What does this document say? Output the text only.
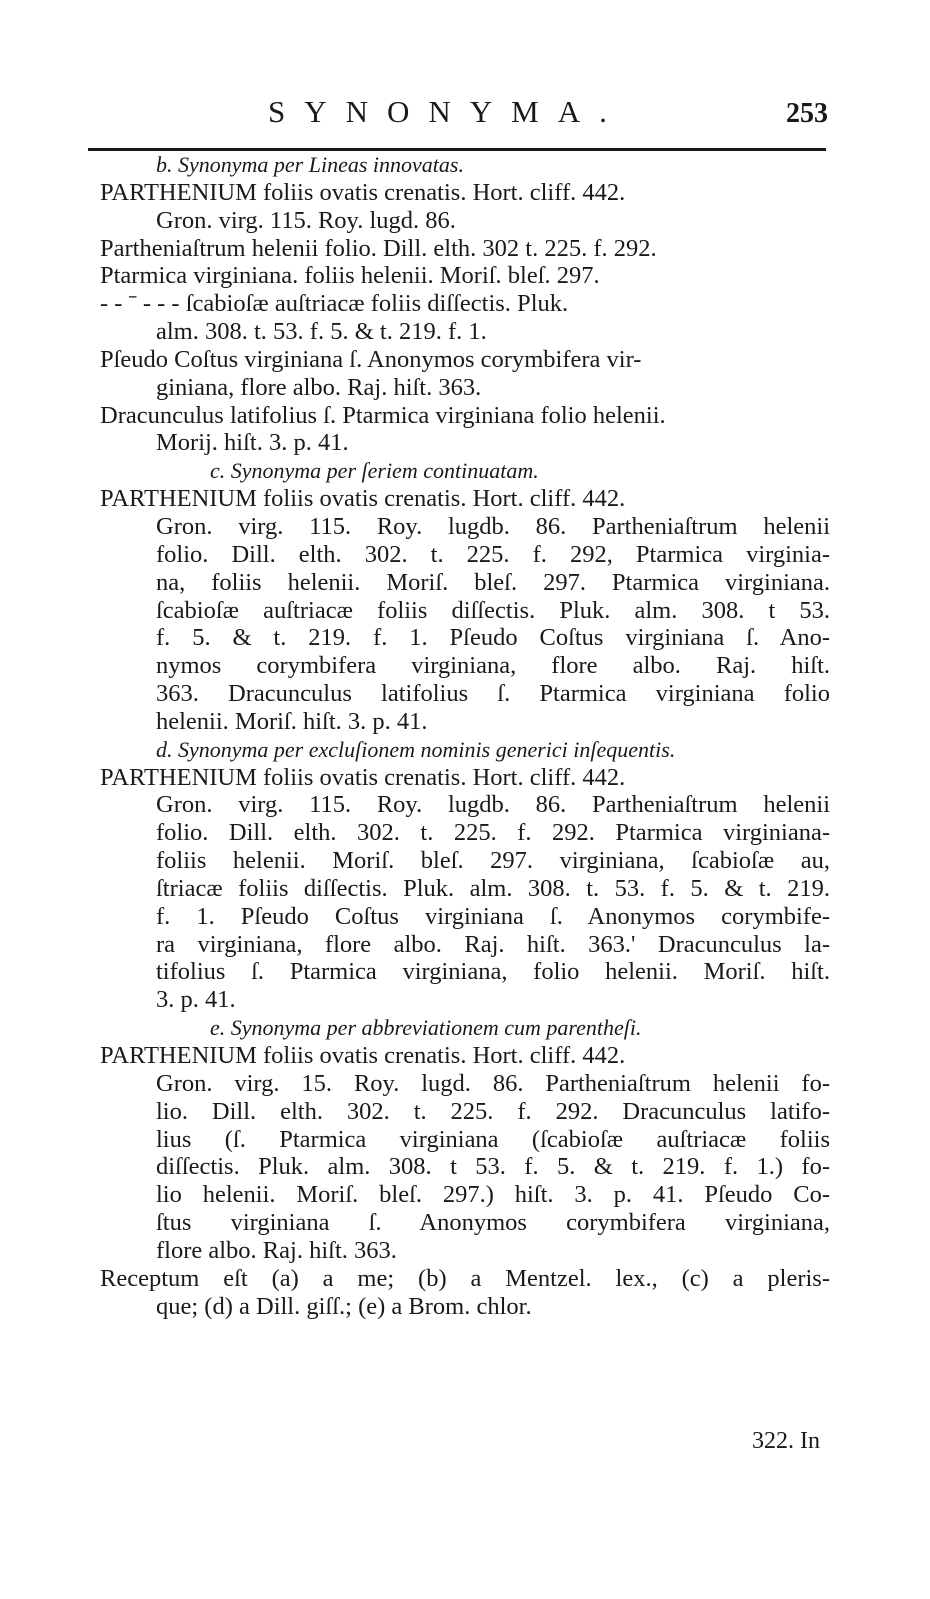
SYNONYMA.	253
b. Synonyma per Lineas innovatas.
PARTHENIUM foliis ovatis crenatis. Hort. cliff. 442.
Gron. virg. 115. Roy. lugd. 86.
Partheniaſtrum helenii folio. Dill. elth. 302 t. 225. f. 292.
Ptarmica virginiana. foliis helenii. Moriſ. bleſ. 297.
- - ˉ - - - ſcabioſæ auſtriacæ foliis diſſectis. Pluk.
alm. 308. t. 53. f. 5. & t. 219. f. 1.
Pſeudo Coſtus virginiana ſ. Anonymos corymbifera vir-
giniana, flore albo. Raj. hiſt. 363.
Dracunculus latifolius ſ. Ptarmica virginiana folio helenii.
Morij. hiſt. 3. p. 41.
c. Synonyma per ſeriem continuatam.
PARTHENIUM foliis ovatis crenatis. Hort. cliff. 442.
Gron. virg. 115. Roy. lugdb. 86. Partheniaſtrum helenii
folio. Dill. elth. 302. t. 225. f. 292, Ptarmica virginia-
na, foliis helenii. Moriſ. bleſ. 297. Ptarmica virginiana.
ſcabioſæ auſtriacæ foliis diſſectis. Pluk. alm. 308. t 53.
f. 5. & t. 219. f. 1. Pſeudo Coſtus virginiana ſ. Ano-
nymos corymbifera virginiana, flore albo. Raj. hiſt.
363. Dracunculus latifolius ſ. Ptarmica virginiana folio
helenii. Moriſ. hiſt. 3. p. 41.
d. Synonyma per excluſionem nominis generici inſequentis.
PARTHENIUM foliis ovatis crenatis. Hort. cliff. 442.
Gron. virg. 115. Roy. lugdb. 86. Partheniaſtrum helenii
folio. Dill. elth. 302. t. 225. f. 292. Ptarmica virginiana-
foliis helenii. Moriſ. bleſ. 297. virginiana, ſcabioſæ au,
ſtriacæ foliis diſſectis. Pluk. alm. 308. t. 53. f. 5. & t. 219.
f. 1. Pſeudo Coſtus virginiana ſ. Anonymos corymbife-
ra virginiana, flore albo. Raj. hiſt. 363.' Dracunculus la-
tifolius ſ. Ptarmica virginiana, folio helenii. Moriſ. hiſt.
3. p. 41.
e. Synonyma per abbreviationem cum parentheſi.
PARTHENIUM foliis ovatis crenatis. Hort. cliff. 442.
Gron. virg. 15. Roy. lugd. 86. Partheniaſtrum helenii fo-
lio. Dill. elth. 302. t. 225. f. 292. Dracunculus latifo-
lius (ſ. Ptarmica virginiana (ſcabioſæ auſtriacæ foliis
diſſectis. Pluk. alm. 308. t 53. f. 5. & t. 219. f. 1.) fo-
lio helenii. Moriſ. bleſ. 297.) hiſt. 3. p. 41. Pſeudo Co-
ſtus virginiana ſ. Anonymos corymbifera virginiana,
flore albo. Raj. hiſt. 363.
Receptum eſt (a) a me; (b) a Mentzel. lex., (c) a pleris-
que; (d) a Dill. giſſ.; (e) a Brom. chlor.
322. In
